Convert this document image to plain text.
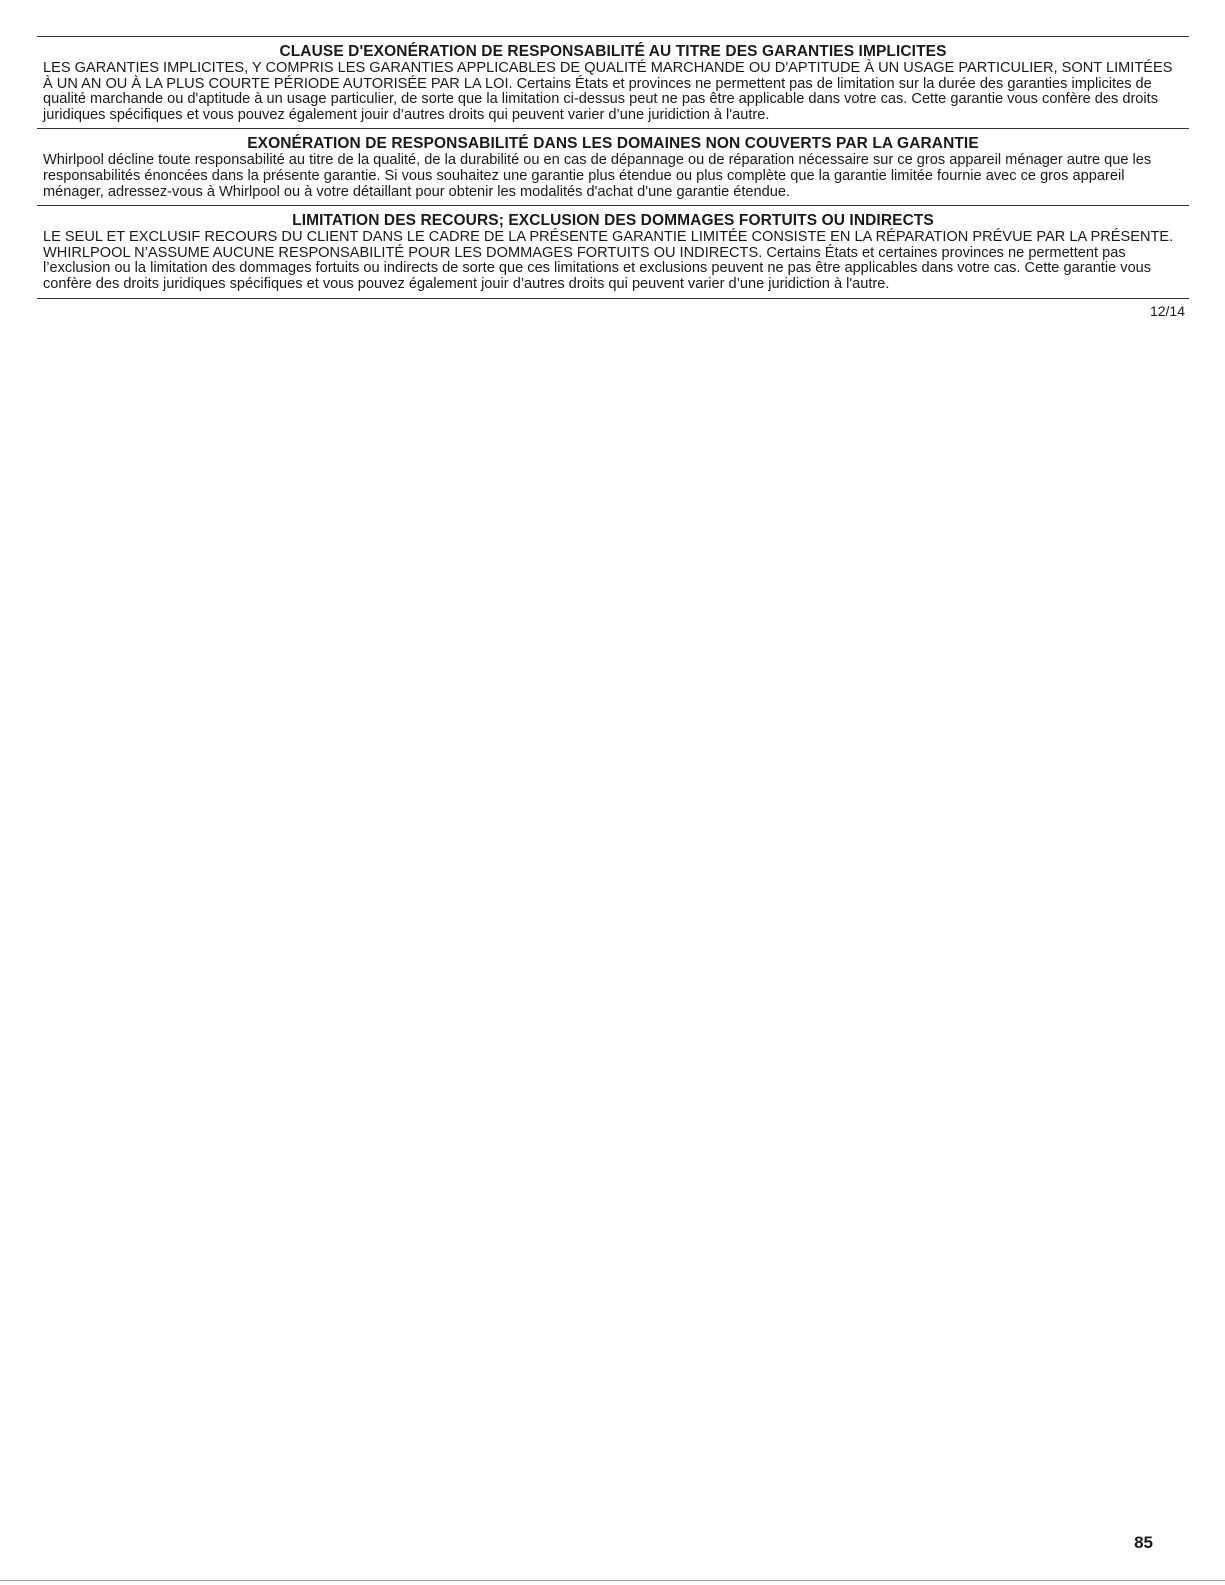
CLAUSE D'EXONÉRATION DE RESPONSABILITÉ AU TITRE DES GARANTIES IMPLICITES

LES GARANTIES IMPLICITES, Y COMPRIS LES GARANTIES APPLICABLES DE QUALITÉ MARCHANDE OU D'APTITUDE À UN USAGE PARTICULIER, SONT LIMITÉES À UN AN OU À LA PLUS COURTE PÉRIODE AUTORISÉE PAR LA LOI. Certains États et provinces ne permettent pas de limitation sur la durée des garanties implicites de qualité marchande ou d'aptitude à un usage particulier, de sorte que la limitation ci-dessus peut ne pas être applicable dans votre cas. Cette garantie vous confère des droits juridiques spécifiques et vous pouvez également jouir d’autres droits qui peuvent varier d’une juridiction à l'autre.

EXONÉRATION DE RESPONSABILITÉ DANS LES DOMAINES NON COUVERTS PAR LA GARANTIE

Whirlpool décline toute responsabilité au titre de la qualité, de la durabilité ou en cas de dépannage ou de réparation nécessaire sur ce gros appareil ménager autre que les responsabilités énoncées dans la présente garantie. Si vous souhaitez une garantie plus étendue ou plus complète que la garantie limitée fournie avec ce gros appareil ménager, adressez-vous à Whirlpool ou à votre détaillant pour obtenir les modalités d'achat d'une garantie étendue.

LIMITATION DES RECOURS; EXCLUSION DES DOMMAGES FORTUITS OU INDIRECTS

LE SEUL ET EXCLUSIF RECOURS DU CLIENT DANS LE CADRE DE LA PRÉSENTE GARANTIE LIMITÉE CONSISTE EN LA RÉPARATION PRÉVUE PAR LA PRÉSENTE. WHIRLPOOL N’ASSUME AUCUNE RESPONSABILITÉ POUR LES DOMMAGES FORTUITS OU INDIRECTS. Certains États et certaines provinces ne permettent pas l’exclusion ou la limitation des dommages fortuits ou indirects de sorte que ces limitations et exclusions peuvent ne pas être applicables dans votre cas. Cette garantie vous confère des droits juridiques spécifiques et vous pouvez également jouir d’autres droits qui peuvent varier d’une juridiction à l'autre.

12/14
85
